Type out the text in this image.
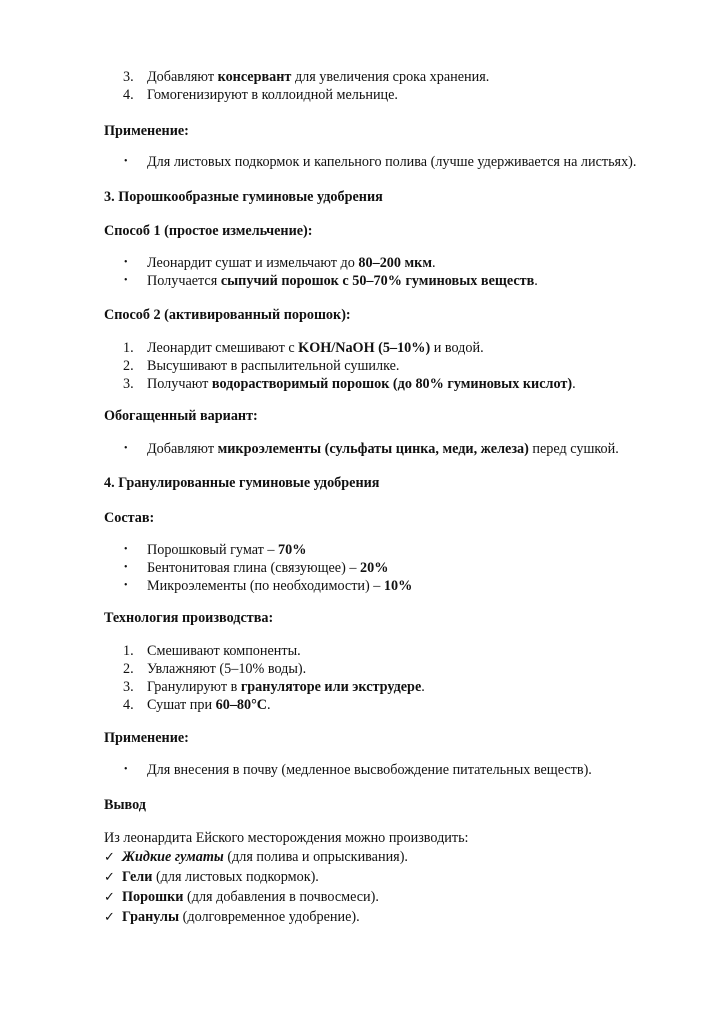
3. Добавляют консервант для увеличения срока хранения.
4. Гомогенизируют в коллоидной мельнице.
Применение:
• Для листовых подкормок и капельного полива (лучше удерживается на листьях).
3. Порошкообразные гуминовые удобрения
Способ 1 (простое измельчение):
• Леонардит сушат и измельчают до 80–200 мкм.
• Получается сыпучий порошок с 50–70% гуминовых веществ.
Способ 2 (активированный порошок):
1. Леонардит смешивают с KOH/NaOH (5–10%) и водой.
2. Высушивают в распылительной сушилке.
3. Получают водорастворимый порошок (до 80% гуминовых кислот).
Обогащенный вариант:
• Добавляют микроэлементы (сульфаты цинка, меди, железа) перед сушкой.
4. Гранулированные гуминовые удобрения
Состав:
• Порошковый гумат – 70%
• Бентонитовая глина (связующее) – 20%
• Микроэлементы (по необходимости) – 10%
Технология производства:
1. Смешивают компоненты.
2. Увлажняют (5–10% воды).
3. Гранулируют в грануляторе или экструдере.
4. Сушат при 60–80°C.
Применение:
• Для внесения в почву (медленное высвобождение питательных веществ).
Вывод
Из леонардита Ейского месторождения можно производить:
✓ Жидкие гуматы (для полива и опрыскивания).
✓ Гели (для листовых подкормок).
✓ Порошки (для добавления в почвосмеси).
✓ Гранулы (долговременное удобрение).
